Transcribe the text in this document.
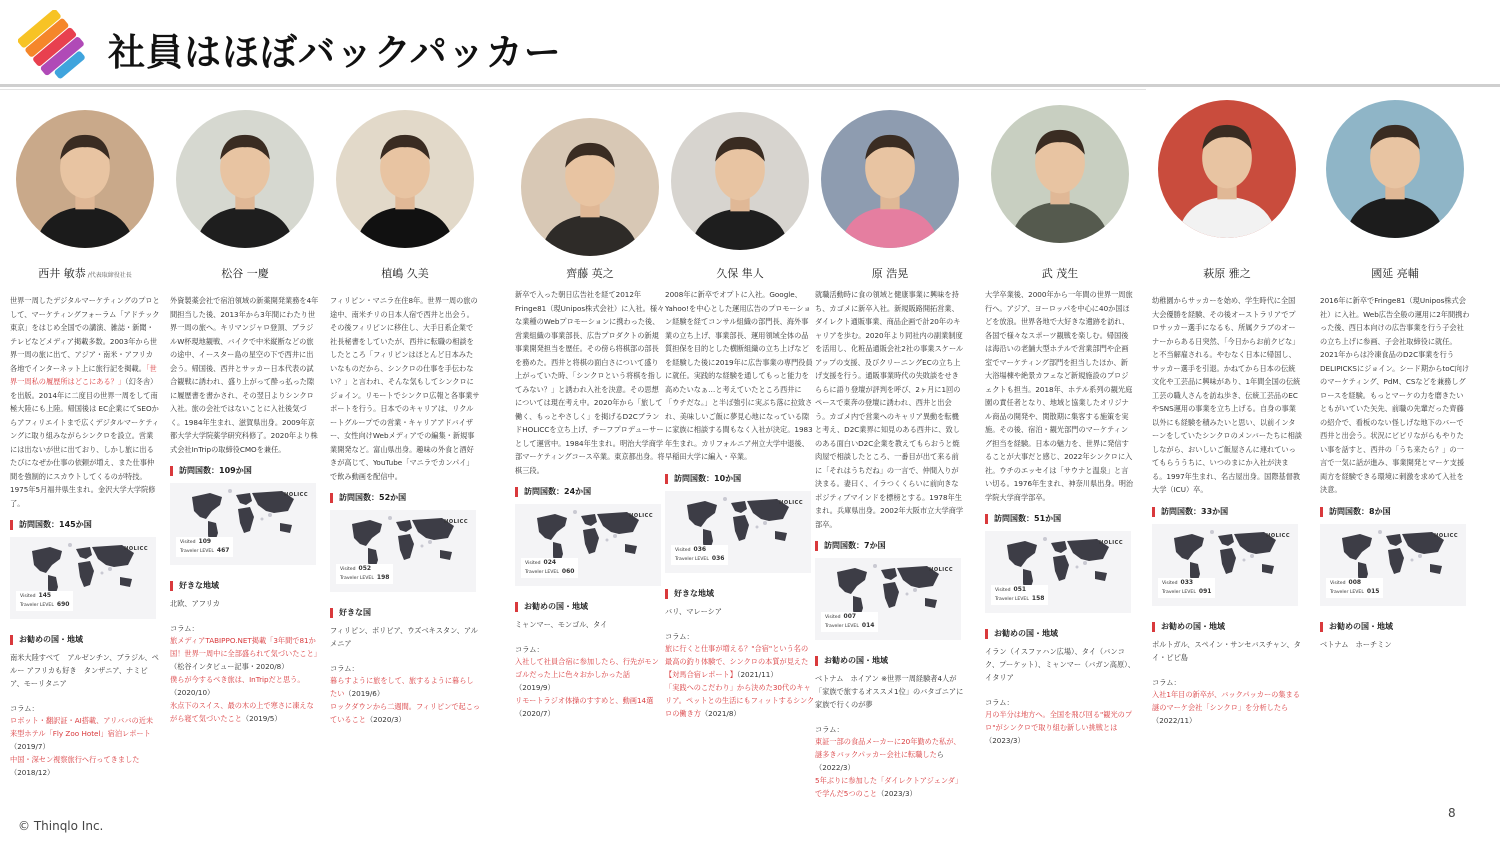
社員はほぼバックパッカー
西井 敏恭 /代表取締役社長
世界一周したデジタルマーケティングのプロとして、マーケティングフォーラム「アドテック東京」をはじめ全国での講演、雑誌・新聞・テレビなどメディア掲載多数。2003年から世界一周の旅に出て、アジア・南米・アフリカ各地でインターネット上に旅行記を掲載。「世界一周私の履歴所はどこにある？」（幻冬舎）を出版。2014年に二度目の世界一周をして南極大陸にも上陸。帰国後は EC企業にてSEOからアフィリエイトまで広くデジタルマーケティングに取り組みながらシンクロを設立。営業には出ないが世に出ており、しかし旅に出るたびになぜか仕事の依頼が増え、また仕事仲間を強制的にスカウトしてくるのが特技。1975年5月福井県生まれ。金沢大学大学院修了。
訪問国数：145か国
HOLICC
Visited 145
Traveler LEVEL 690
お勧めの国・地域
南米大陸すべて　アルゼンチン、ブラジル、ペルー アフリカも好き　タンザニア、ナミビア、モーリタニア
コラム：
ロボット・翻訳証・AI搭載、アリババの近未来型ホテル「Fly Zoo Hotel」宿泊レポート（2019/7）
中国・深セン視察旅行へ行ってきました（2018/12）
松谷 一慶
外資製薬会社で宿泊領域の新薬開発業務を4年間担当した後、2013年から3年間にわたり世界一周の旅へ。キリマンジャロ登頂、ブラジルW杯現地観戦、バイクで中米縦断などの旅の途中、イースター島の星空の下で西井に出会う。帰国後、西井とサッカー日本代表の試合観戦に誘われ、盛り上がって酔っ払った隙に履歴書を書かされ、その翌日よりシンクロ入社。旅の会社ではないことに入社後気づく。1984年生まれ、滋賀県出身。2009年京都大学大学院薬学研究科修了。2020年より株式会社InTripの取締役CMOを兼任。
訪問国数：109か国
HOLICC
Visited 109
Traveler LEVEL 467
好きな地域
北欧、アフリカ
コラム：
旅メディアTABIPPO.NET掲載「3年間で81か国！世界一周中に全部盛られて気づいたこと」（松谷インタビュー記事・2020/8）
僕らが今するべき旅は、InTripだと思う。（2020/10）
氷点下のスイス、最の木の上で寒さに凍えながら寝て気づいたこと（2019/5）
植嶋 久美
フィリピン・マニラ在住8年。世界一周の旅の途中、南米チリの日本人宿で西井と出会う。その後フィリピンに移住し、大手日系企業で社長秘書をしていたが、西井に転職の相談をしたところ「フィリピンはほとんど日本みたいなものだから、シンクロの仕事を手伝わない？」と言われ、そんな気もしてシンクロにジョイン。リモートでシンクロ広報と各事業サポートを行う。日本でのキャリアは、リクルートグループでの営業・キャリアアドバイザー、女性向けWebメディアでの編集・新規事業開発など。富山県出身。趣味の外食と酒好きが高じて、YouTube「マニラでカンパイ」で飲み動画を配信中。
訪問国数：52か国
HOLICC
Visited 052
Traveler LEVEL 198
好きな国
フィリピン、ボリビア、ウズベキスタン、アルメニア
コラム：
暮らすように旅をして、旅するように暮らしたい（2019/6）
ロックダウンから二週間。フィリピンで起こっていること（2020/3）
齊藤 英之
新卒で入った朝日広告社を経て2012年Fringe81（現Unipos株式会社）に入社。様々な業種のWebプロモーションに携わった後、営業組織の事業部長、広告プロダクトの新規事業開発担当を歴任。その傍ら将棋部の部長を務めた。西井と将棋の面白さについて盛り上がっていた時、「シンクロという将棋を指してみない？」と誘われ入社を決意。その思想については現在考え中。2020年から「旅して働く、もっとやさしく」を掲げるD2CブランドHOLICCを立ち上げ、チーフプロデューサーとして運営中。1984年生まれ。明治大学商学部マーケティングコース卒業。東京都出身。将棋三段。
訪問国数：24か国
HOLICC
Visited 024
Traveler LEVEL 060
お勧めの国・地域
ミャンマー、モンゴル、タイ
コラム：
入社して社員合宿に参加したら、行先がモンゴルだった上に色々おかしかった話（2019/9）
リモートラジオ体操のすすめと、動画14選（2020/7）
久保 隼人
2008年に新卒でオプトに入社。Google、Yahoo!を中心とした運用広告のプロモーション経験を経てコンサル組織の部門長、海外事業の立ち上げ、事業部長、運用領域全体の品質担保を目的とした横断組織の立ち上げなどを経験した後に2019年に広告事業の専門役員に就任。実践的な経験を通してもっと能力を高めたいなぁ…と考えていたところ西井に「ウチだな。」と半ば強引に実ぶち落に拉致され、美味しいご飯に夢見心地になっている隙に家族に相談する間もなく入社が決定。1983年生まれ。カリフォルニア州立大学中退後、早稲田大学に編入・卒業。
訪問国数：10か国
HOLICC
Visited 036
Traveler LEVEL 036
好きな地域
バリ、マレーシア
コラム：
旅に行くと仕事が増える？"合宿"という名の最高の釣り体験で、シンクロの本質が見えた【対馬合宿レポート】（2021/11）
「実践へのこだわり」から決めた30代のキャリア。ペットとの生活にもフィットするシンクロの働き方（2021/8）
原 浩晃
就職活動時に食の領域と健康事業に興味を持ち、カゴメに新卒入社。新規販路開拓営業、ダイレクト通販事業、商品企画で計20年のキャリアを歩む。2020年より同社内の副業制度を活用し、化粧品通販会社2社の事業スケールアップの支援、及びクリーニングECの立ち上げ支援を行う。通販事業時代の失敗談をせきららに語り登壇が評判を呼び、2ヶ月に1回のペースで東奔の登壇に誘われ、西井と出会う。カゴメ内で営業へのキャリア異動を転機と考え、D2C業界に知見のある西井に、致しのある面白いD2C企業を教えてもらおうと焼肉屋で相談したところ、一番目が出て来る前に「それはうちだね」の一言で、仲間入りが決まる。妻曰く、イラつくくらいに前向きなポジティブマインドを標榜とする。1978年生まれ。兵庫県出身。2002年大阪市立大学商学部卒。
訪問国数：7か国
HOLICC
Visited 007
Traveler LEVEL 014
お勧めの国・地域
ベトナム　ホイアン ※世界一周経験者4人が「家族で旅するオススメ1位」のバタゴニアに家族で行くのが夢
コラム：
東証一部の食品メーカーに20年勤めた私が、謎多きバックパッカー会社に転職したら（2022/3）
5年ぶりに参加した「ダイレクトアジェンダ」で学んだ5つのこと（2023/3）
武 茂生
大学卒業後、2000年から一年間の世界一周旅行へ。アジア、ヨーロッパを中心に40か国ほどを放浪。世界各地で大好きな遺跡を訪れ、各国で様々なスポーツ観戦を楽しむ。帰国後は海沿いの老舗大型ホテルで営業部門や企画室でマーケティング部門を担当したほか、新大浴場棟や絶景カフェなど新規施設のプロジェクトも担当。2018年、ホテル系列の観光庭園の責任者となり、地域と協業したオリジナル商品の開発や、関散期に集客する施策を実施。その後、宿泊・観光部門のマーケティング担当を経験。日本の魅力を、世界に発信することが大事だと感じ、2022年シンクロに入社。ウチのエッセイは「サウナと温泉」と言い切る。1976年生まれ、神奈川県出身。明治学院大学商学部卒。
訪問国数：51か国
HOLICC
Visited 051
Traveler LEVEL 158
お勧めの国・地域
イラン（イスファハン広場）、タイ（バンコク、プーケット）、ミャンマー（バガン高原）、イタリア
コラム：
月の半分は地方へ。全国を飛び回る"観光のプロ"がシンクロで取り組む新しい挑戦とは（2023/3）
萩原 雅之
幼稚園からサッカーを始め、学生時代に全国大会優勝を経験、その後オーストラリアでプロサッカー選手になるも、所属クラブのオーナーからある日突然、「今日からお前クビな」と不当解雇される。やむなく日本に帰国し、サッカー選手を引退。かねてから日本の伝統文化や工芸品に興味があり、1年間全国の伝統工芸の職人さんを訪ね歩き、伝統工芸品のECやSNS運用の事業を立ち上げる。自身の事業以外にも経験を積みたいと思い、以前インターンをしていたシンクロのメンバーたちに相談しながら、おいしいご飯屋さんに連れていってもらううちに、いつのまにか入社が決まる。1997年生まれ、名古屋出身。国際基督教大学（ICU）卒。
訪問国数：33か国
HOLICC
Visited 033
Traveler LEVEL 091
お勧めの国・地域
ポルトガル、スペイン・サンセバスチャン、タイ・ピピ島
コラム：
入社1年目の新卒が、バックパッカーの集まる謎のマーケ会社「シンクロ」を分析したら（2022/11）
國延 亮輔
2016年に新卒でFringe81（現Unipos株式会社）に入社。Web広告全般の運用に2年間携わった後、西日本向けの広告事業を行う子会社の立ち上げに参画、子会社取締役に就任。2021年からは冷凍食品のD2C事業を行うDELIPICKSにジョイン。シード期からtoC向けのマーケティング、PdM、CSなどを兼務しグロースを経験。もっとマーケの力を磨きたいともがいていた矢先、前職の先輩だった齊藤の紹介で、看板のない怪しげな地下のバーで西井と出会う。状況にビビリながらもやりたい事を話すと、西井の「うち来たら？」の一言で一気に話が進み、事業開発とマーケ支援両方を経験できる環境に刺激を求めて入社を決意。
訪問国数：8か国
HOLICC
Visited 008
Traveler LEVEL 015
お勧めの国・地域
ベトナム　ホーチミン
© Thinqlo Inc.
8
